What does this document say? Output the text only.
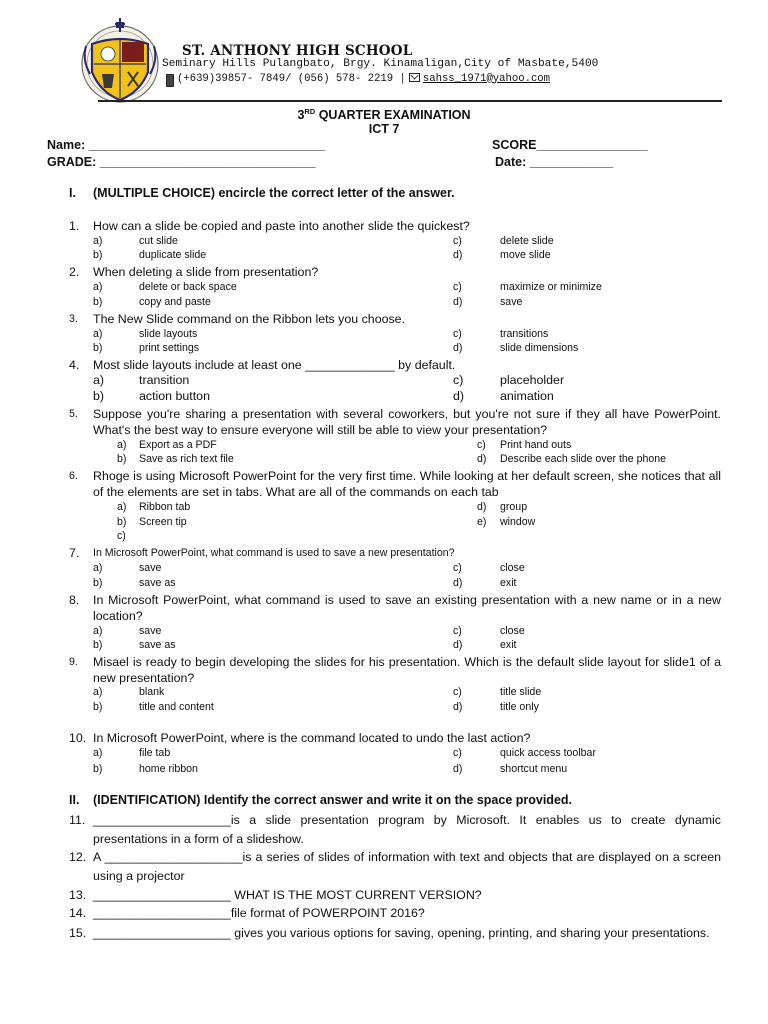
ST. ANTHONY HIGH SCHOOL
Seminary Hills Pulangbato, Brgy. Kinamaligan,City of Masbate,5400
(+639)39857- 7849/ (056) 578- 2219 | sahss_1971@yahoo.com
3RD QUARTER EXAMINATION
ICT 7
Name: __________________________________
GRADE: _______________________________
SCORE________________
Date: ____________
I. (MULTIPLE CHOICE) encircle the correct letter of the answer.
1. How can a slide be copied and paste into another slide the quickest?
a)	cut slide	c)	delete slide
b)	duplicate slide	d)	move slide
2. When deleting a slide from presentation?
a)	delete or back space	c)	maximize or minimize
b)	copy and paste	d)	save
3. The New Slide command on the Ribbon lets you choose.
a)	slide layouts	c)	transitions
b)	print settings	d)	slide dimensions
4. Most slide layouts include at least one _____________ by default.
a)	transition	c)	placeholder
b)	action button	d)	animation
5. Suppose you're sharing a presentation with several coworkers, but you're not sure if they all have PowerPoint. What's the best way to ensure everyone will still be able to view your presentation?
a) Export as a PDF	c) Print hand outs
b) Save as rich text file	d) Describe each slide over the phone
6. Rhoge is using Microsoft PowerPoint for the very first time. While looking at her default screen, she notices that all of the elements are set in tabs. What are all of the commands on each tab
a) Ribbon tab	d) group
b) Screen tip	e) window
c)
7. In Microsoft PowerPoint, what command is used to save a new presentation?
a)	save	c)	close
b)	save as	d)	exit
8. In Microsoft PowerPoint, what command is used to save an existing presentation with a new name or in a new location?
a)	save	c)	close
b)	save as	d)	exit
9. Misael is ready to begin developing the slides for his presentation. Which is the default slide layout for slide1 of a new presentation?
a)	blank	c)	title slide
b)	title and content	d)	title only
10. In Microsoft PowerPoint, where is the command located to undo the last action?
a)	file tab	c)	quick access toolbar
b)	home ribbon	d)	shortcut menu
II. (IDENTIFICATION) Identify the correct answer and write it on the space provided.
11. ____________________is a slide presentation program by Microsoft. It enables us to create dynamic presentations in a form of a slideshow.
12. A ____________________is a series of slides of information with text and objects that are displayed on a screen using a projector
13. ____________________ WHAT IS THE MOST CURRENT VERSION?
14. ____________________file format of POWERPOINT 2016?
15. ____________________ gives you various options for saving, opening, printing, and sharing your presentations.
